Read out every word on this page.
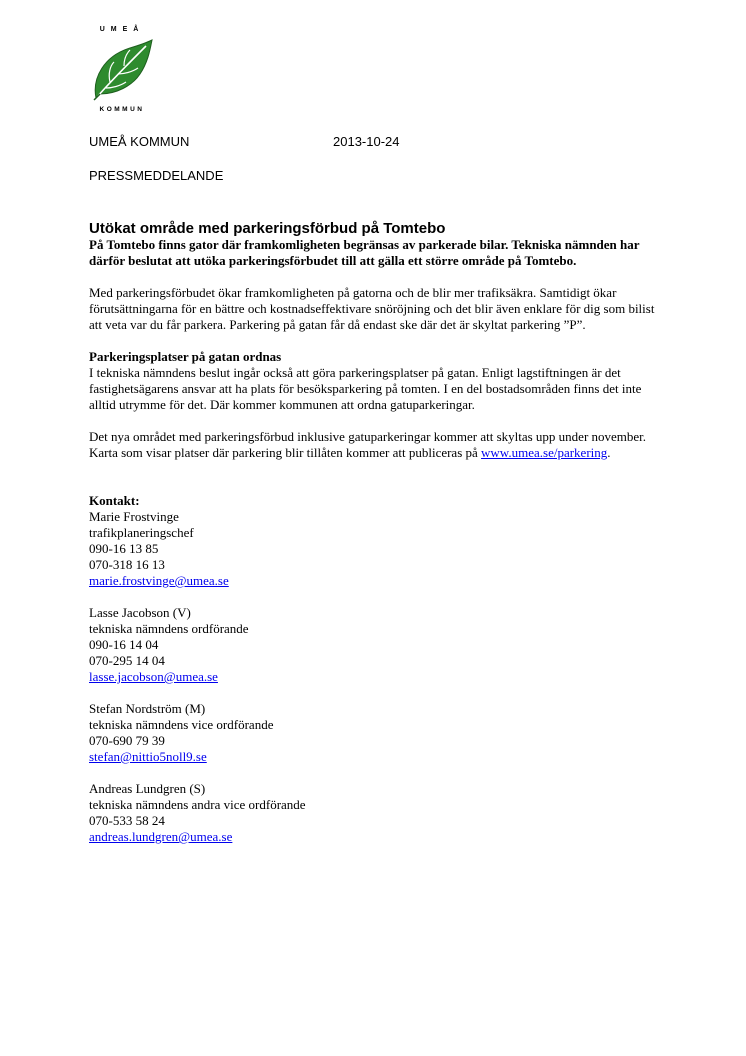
UMEÅ
KOMMUN
UMEÅ KOMMUN	2013-10-24
PRESSMEDDELANDE
Utökat område med parkeringsförbud på Tomtebo
På Tomtebo finns gator där framkomligheten begränsas av parkerade bilar. Tekniska nämnden har därför beslutat att utöka parkeringsförbudet till att gälla ett större område på Tomtebo.

Med parkeringsförbudet ökar framkomligheten på gatorna och de blir mer trafiksäkra. Samtidigt ökar förutsättningarna för en bättre och kostnadseffektivare snöröjning och det blir även enklare för dig som bilist att veta var du får parkera. Parkering på gatan får då endast ske där det är skyltat parkering ”P”.

Parkeringsplatser på gatan ordnas

I tekniska nämndens beslut ingår också att göra parkeringsplatser på gatan. Enligt lagstiftningen är det fastighetsägarens ansvar att ha plats för besöksparkering på tomten. I en del bostadsområden finns det inte alltid utrymme för det. Där kommer kommunen att ordna gatuparkeringar.

Det nya området med parkeringsförbud inklusive gatuparkeringar kommer att skyltas upp under november. Karta som visar platser där parkering blir tillåten kommer att publiceras på www.umea.se/parkering.

Kontakt:
Marie Frostvinge
trafikplaneringschef
090-16 13 85
070-318 16 13
marie.frostvinge@umea.se
Lasse Jacobson (V)
tekniska nämndens ordförande
090-16 14 04
070-295 14 04
lasse.jacobson@umea.se
Stefan Nordström (M)
tekniska nämndens vice ordförande
070-690 79 39
stefan@nittio5noll9.se
Andreas Lundgren (S)
tekniska nämndens andra vice ordförande
070-533 58 24
andreas.lundgren@umea.se
